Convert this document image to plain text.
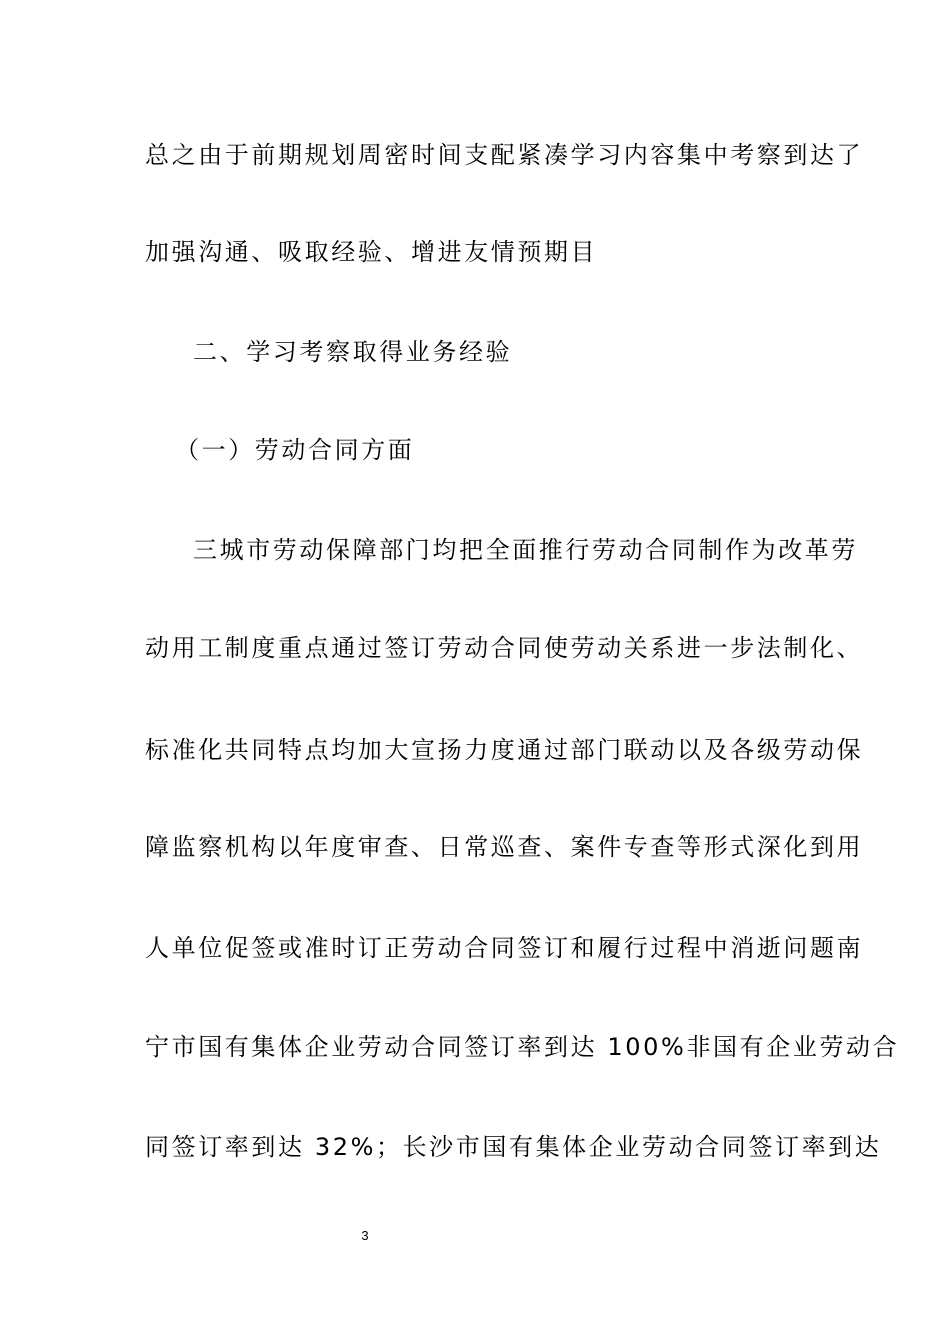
总之由于前期规划周密时间支配紧凑学习内容集中考察到达了
加强沟通、吸取经验、增进友情预期目
二、学习考察取得业务经验
（一）劳动合同方面
三城市劳动保障部门均把全面推行劳动合同制作为改革劳
动用工制度重点通过签订劳动合同使劳动关系进一步法制化、
标准化共同特点均加大宣扬力度通过部门联动以及各级劳动保
障监察机构以年度审查、日常巡查、案件专查等形式深化到用
人单位促签或准时订正劳动合同签订和履行过程中消逝问题南
宁市国有集体企业劳动合同签订率到达 100%非国有企业劳动合
同签订率到达 32%；长沙市国有集体企业劳动合同签订率到达
3
